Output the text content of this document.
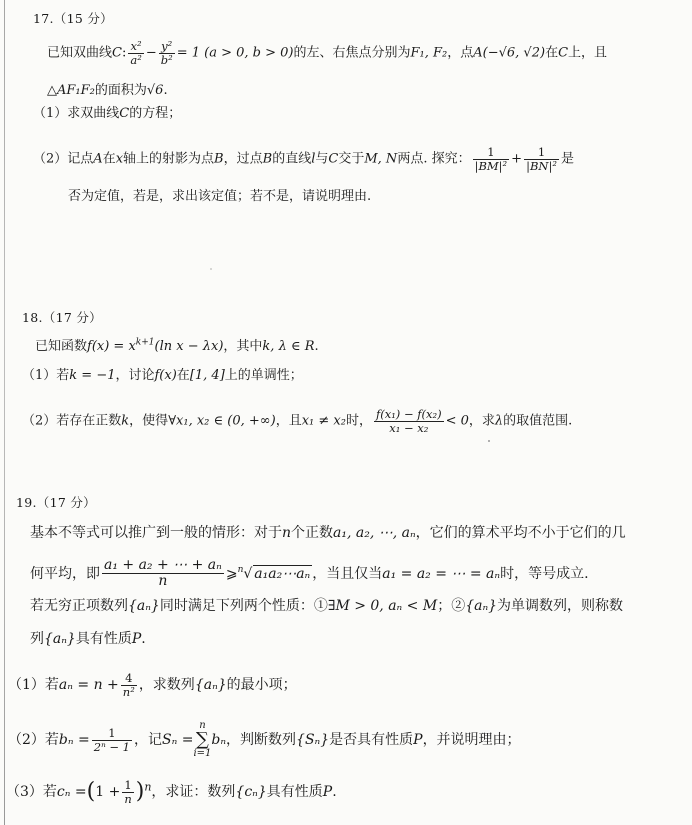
17.（15 分）
已知双曲线C: $\frac{\text{x²}}{\text{a²}} - \frac{\text{y²}}{\text{b²}} = 1$ (a > 0, b > 0)的左、右焦点分别为F₁, F₂，点A(−√6, √2)在C上，且
△AF₁F₂的面积为√6.
（1）求双曲线C的方程；
（2）记点A在x轴上的射影为点B，过点B的直线l与C交于M, N两点. 探究： $\frac{1}{\text{|BM|²}} + \frac{1}{\text{|BN|²}}$ 是
否为定值，若是，求出该定值；若不是，请说明理由.
18.（17 分）
已知函数$f(x) = x^{k+1}(\ln$ x − λx)，其中k, λ ∈ R.
（1）若k = −1，讨论f(x)在[1, 4]上的单调性；
（2）若存在正数k，使得∀x₁, x₂ ∈ (0, +∞)，且x₁ ≠ x₂时， $\frac{\text{f(x₁) − f(x₂)}}{\text{x₁ − x₂}} < 0$，求λ的取值范围.
19.（17 分）
基本不等式可以推广到一般的情形：对于n个正数a₁, a₂, ⋯, aₙ，它们的算术平均不小于它们的几
何平均，即 $\frac{\text{a₁ + a₂ + ⋯ + aₙ}}{n}$ ⩾$^n$√ a₁a₂⋯aₙ ，当且仅当a₁ = a₂ = ⋯ = aₙ时，等号成立.
若无穷正项数列{aₙ}同时满足下列两个性质：①∃M > 0, aₙ < M；②{aₙ}为单调数列，则称数
列{aₙ}具有性质P.
（1）若$a_n = n + \frac{4}{\text{n²}}$ ，求数列{aₙ}的最小项；
（2）若$b_n = \frac{1}{\text{2ⁿ − 1}}$ ，记Sₙ =n
∑
i=1bₙ，判断数列{Sₙ}是否具有性质P，并说明理由；
（3）若$c_n =(1 + \frac{1}{n} )^n$，求证：数列{cₙ}具有性质P.
